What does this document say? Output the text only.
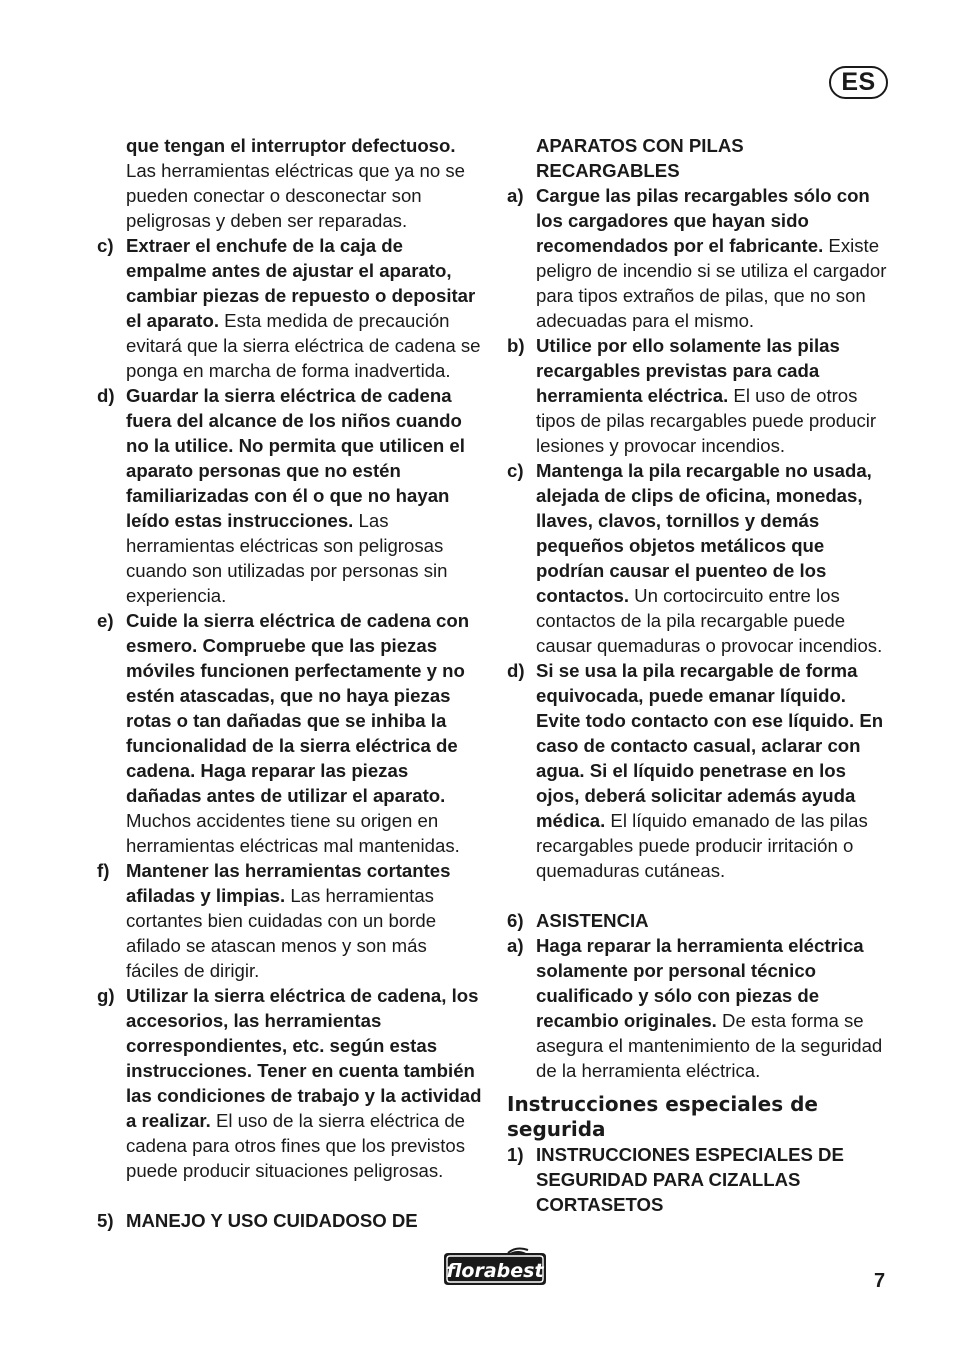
ES
que tengan el interruptor defectuoso. Las herramientas eléctricas que ya no se pueden conectar o desconectar son peligrosas y deben ser reparadas.
c) Extraer el enchufe de la caja de empalme antes de ajustar el aparato, cambiar piezas de repuesto o depositar el aparato. Esta medida de precaución evitará que la sierra eléctrica de cadena se ponga en marcha de forma inadvertida.
d) Guardar la sierra eléctrica de cadena fuera del alcance de los niños cuando no la utilice. No permita que utilicen el aparato personas que no estén familiarizadas con él o que no hayan leído estas instrucciones. Las herramientas eléctricas son peligrosas cuando son utilizadas por personas sin experiencia.
e) Cuide la sierra eléctrica de cadena con esmero. Compruebe que las piezas móviles funcionen perfectamente y no estén atascadas, que no haya piezas rotas o tan dañadas que se inhiba la funcionalidad de la sierra eléctrica de cadena. Haga reparar las piezas dañadas antes de utilizar el aparato. Muchos accidentes tiene su origen en herramientas eléctricas mal mantenidas.
f) Mantener las herramientas cortantes afiladas y limpias. Las herramientas cortantes bien cuidadas con un borde afilado se atascan menos y son más fáciles de dirigir.
g) Utilizar la sierra eléctrica de cadena, los accesorios, las herramientas correspondientes, etc. según estas instrucciones. Tener en cuenta también las condiciones de trabajo y la actividad a realizar. El uso de la sierra eléctrica de cadena para otros fines que los previstos puede producir situaciones peligrosas.
5) MANEJO Y USO CUIDADOSO DE
APARATOS CON PILAS RECARGABLES
a) Cargue las pilas recargables sólo con los cargadores que hayan sido recomendados por el fabricante. Existe peligro de incendio si se utiliza el cargador para tipos extraños de pilas, que no son adecuadas para el mismo.
b) Utilice por ello solamente las pilas recargables previstas para cada herramienta eléctrica. El uso de otros tipos de pilas recargables puede producir lesiones y provocar incendios.
c) Mantenga la pila recargable no usada, alejada de clips de oficina, monedas, llaves, clavos, tornillos y demás pequeños objetos metálicos que podrían causar el puenteo de los contactos. Un cortocircuito entre los contactos de la pila recargable puede causar quemaduras o provocar incendios.
d) Si se usa la pila recargable de forma equivocada, puede emanar líquido. Evite todo contacto con ese líquido. En caso de contacto casual, aclarar con agua. Si el líquido penetrase en los ojos, deberá solicitar además ayuda médica. El líquido emanado de las pilas recargables puede producir irritación o quemaduras cutáneas.
6) ASISTENCIA
a) Haga reparar la herramienta eléctrica solamente por personal técnico cualificado y sólo con piezas de recambio originales. De esta forma se asegura el mantenimiento de la seguridad de la herramienta eléctrica.
Instrucciones especiales de segurida
1) INSTRUCCIONES ESPECIALES DE SEGURIDAD PARA CIZALLAS CORTASETOS
florabest	7
